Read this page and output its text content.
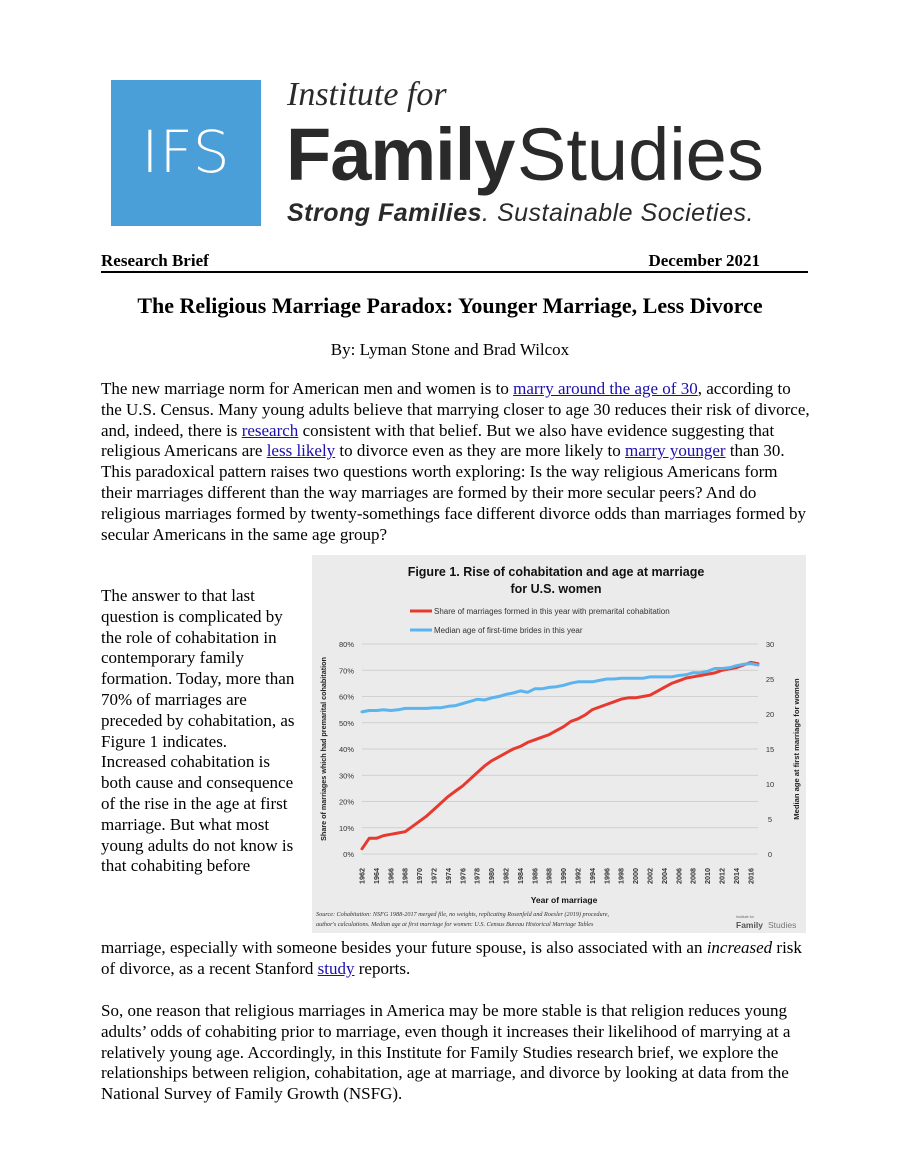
IFS
Institute for
Family Studies
Strong Families. Sustainable Societies.
Research Brief	December 2021
The Religious Marriage Paradox: Younger Marriage, Less Divorce
By: Lyman Stone and Brad Wilcox
The new marriage norm for American men and women is to marry around the age of 30, according to the U.S. Census. Many young adults believe that marrying closer to age 30 reduces their risk of divorce, and, indeed, there is research consistent with that belief. But we also have evidence suggesting that religious Americans are less likely to divorce even as they are more likely to marry younger than 30. This paradoxical pattern raises two questions worth exploring: Is the way religious Americans form their marriages different than the way marriages are formed by their more secular peers? And do religious marriages formed by twenty-somethings face different divorce odds than marriages formed by secular Americans in the same age group?
The answer to that last question is complicated by the role of cohabitation in contemporary family formation. Today, more than 70% of marriages are preceded by cohabitation, as Figure 1 indicates. Increased cohabitation is both cause and consequence of the rise in the age at first marriage. But what most young adults do not know is that cohabiting before
marriage, especially with someone besides your future spouse, is also associated with an increased risk of divorce, as a recent Stanford study reports.
So, one reason that religious marriages in America may be more stable is that religion reduces young adults’ odds of cohabiting prior to marriage, even though it increases their likelihood of marrying at a relatively young age. Accordingly, in this Institute for Family Studies research brief, we explore the relationships between religion, cohabitation, age at marriage, and divorce by looking at data from the National Survey of Family Growth (NSFG).
Figure 1. Rise of cohabitation and age at marriage
for U.S. women
Share of marriages formed in this year with premarital cohabitation
Median age of first-time brides in this year
0%
10%
20%
30%
40%
50%
60%
70%
80%
0
5
10
15
20
25
30
1962 1964 1966 1968 1970 1972 1974 1976 1978 1980 1982 1984 1986 1988 1990 1992 1994 1996 1998 2000 2002 2004 2006 2008 2010 2012 2014 2016
Share of marriages which had premarital cohabitation	Median age at first marriage for women
Year of marriage
Source: Cohabitation: NSFG 1988-2017 merged file, no weights, replicating Rosenfeld and Roesler (2019) procedure,
author's calculations. Median age at first marriage for women: U.S. Census Bureau Historical Marriage Tables
Institute for
Family Studies
